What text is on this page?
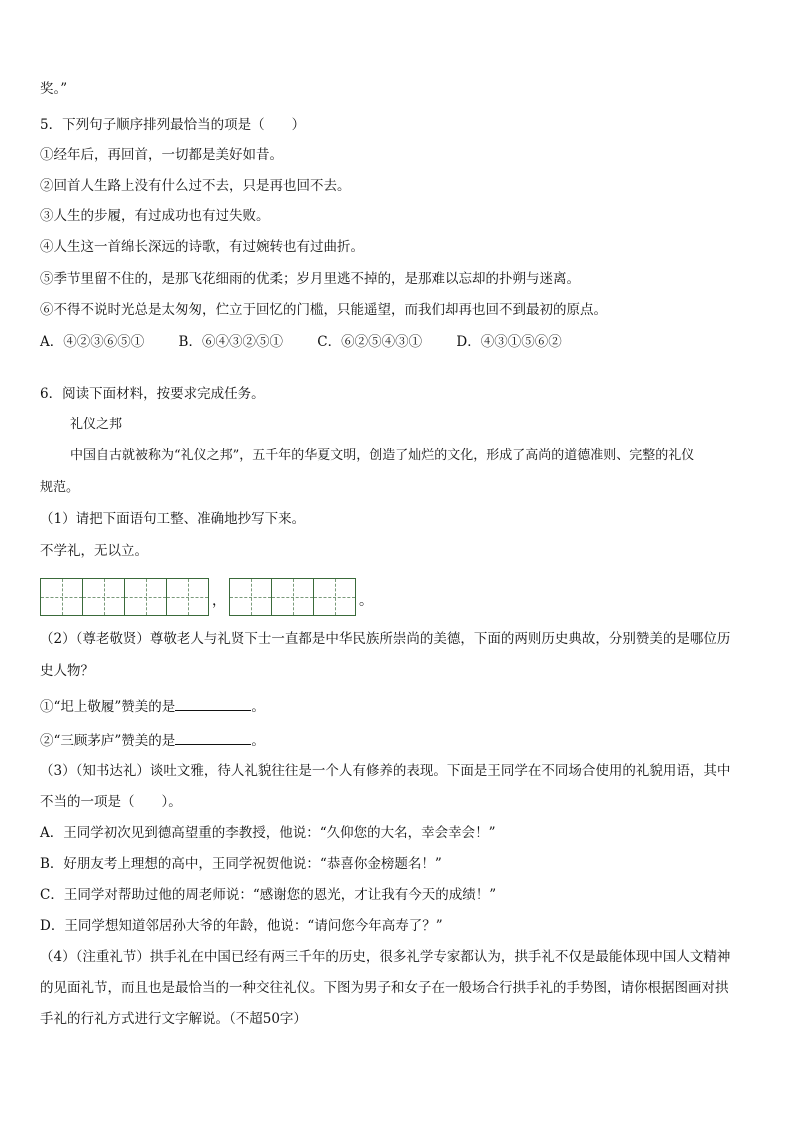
奖。”
5．下列句子顺序排列最恰当的项是（　　）
①经年后，再回首，一切都是美好如昔。
②回首人生路上没有什么过不去，只是再也回不去。
③人生的步履，有过成功也有过失败。
④人生这一首绵长深远的诗歌，有过婉转也有过曲折。
⑤季节里留不住的，是那飞花细雨的优柔；岁月里逃不掉的，是那难以忘却的扑朔与迷离。
⑥不得不说时光总是太匆匆，伫立于回忆的门槛，只能遥望，而我们却再也回不到最初的原点。
A．④②③⑥⑤①	B．⑥④③②⑤①	C．⑥②⑤④③①	D．④③①⑤⑥②
6．阅读下面材料，按要求完成任务。
礼仪之邦
中国自古就被称为“礼仪之邦”，五千年的华夏文明，创造了灿烂的文化，形成了高尚的道德准则、完整的礼仪
规范。
（1）请把下面语句工整、准确地抄写下来。
不学礼，无以立。
，	。
（2）（尊老敬贤）尊敬老人与礼贤下士一直都是中华民族所崇尚的美德，下面的两则历史典故，分别赞美的是哪位历
史人物？
①“圯上敬履”赞美的是	。
②“三顾茅庐”赞美的是	。
（3）（知书达礼）谈吐文雅，待人礼貌往往是一个人有修养的表现。下面是王同学在不同场合使用的礼貌用语，其中
不当的一项是（　　）。
A．王同学初次见到德高望重的李教授，他说：“久仰您的大名，幸会幸会！”
B．好朋友考上理想的高中，王同学祝贺他说：“恭喜你金榜题名！”
C．王同学对帮助过他的周老师说：“感谢您的恩光，才让我有今天的成绩！”
D．王同学想知道邻居孙大爷的年龄，他说：“请问您今年高寿了？”
（4）（注重礼节）拱手礼在中国已经有两三千年的历史，很多礼学专家都认为，拱手礼不仅是最能体现中国人文精神
的见面礼节，而且也是最恰当的一种交往礼仪。下图为男子和女子在一般场合行拱手礼的手势图，请你根据图画对拱
手礼的行礼方式进行文字解说。（不超50字）
